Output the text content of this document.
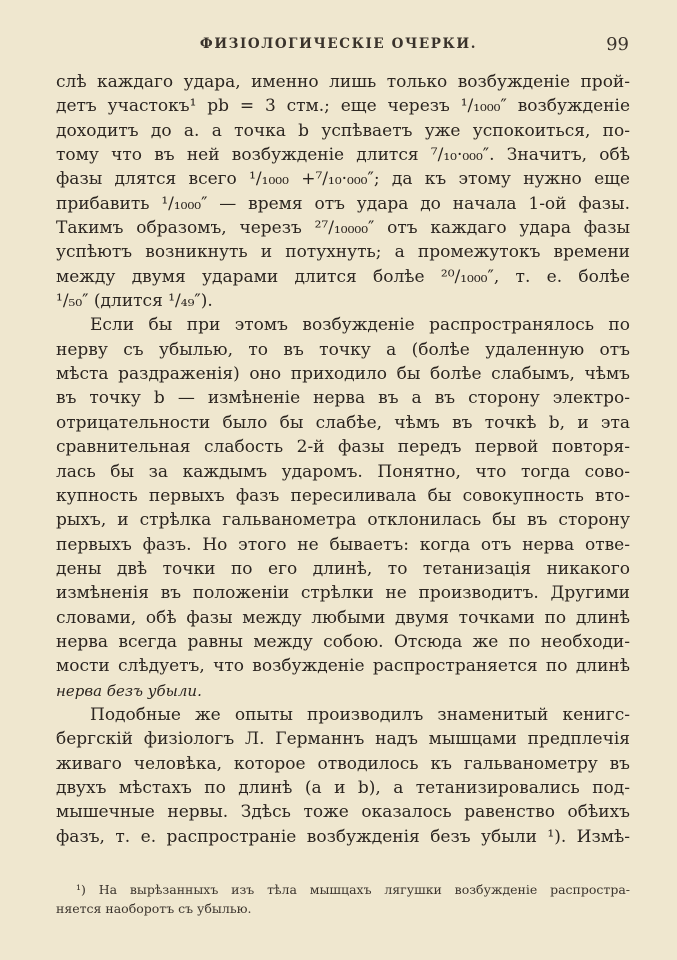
ФИЗІОЛОГИЧЕСКІЕ ОЧЕРКИ.	99
слѣ каждаго удара, именно лишь только возбужденіе прой-
детъ участокъ¹ pb = 3 стм.; еще черезъ ¹/₁₀₀₀″ возбужденіе
доходитъ до a. а точка b успѣваетъ уже успокоиться, по-
тому что въ ней возбужденіе длится ⁷/₁₀·₀₀₀″. Значитъ, обѣ
фазы длятся всего ¹/₁₀₀₀ +⁷/₁₀·₀₀₀″; да къ этому нужно еще
прибавить ¹/₁₀₀₀″ — время отъ удара до начала 1-ой фазы.
Такимъ образомъ, черезъ ²⁷/₁₀₀₀₀″ отъ каждаго удара фазы
успѣютъ возникнуть и потухнуть; а промежутокъ времени
между двумя ударами длится болѣе ²⁰/₁₀₀₀″, т. е. болѣе
¹/₅₀″ (длится ¹/₄₉″).
Если бы при этомъ возбужденіе распространялось по
нерву съ убылью, то въ точку a (болѣе удаленную отъ
мѣста раздраженія) оно приходило бы болѣе слабымъ, чѣмъ
въ точку b — измѣненіе нерва въ a въ сторону электро-
отрицательности было бы слабѣе, чѣмъ въ точкѣ b, и эта
сравнительная слабость 2-й фазы передъ первой повторя-
лась бы за каждымъ ударомъ. Понятно, что тогда сово-
купность первыхъ фазъ пересиливала бы совокупность вто-
рыхъ, и стрѣлка гальванометра отклонилась бы въ сторону
первыхъ фазъ. Но этого не бываетъ: когда отъ нерва отве-
дены двѣ точки по его длинѣ, то тетанизація никакого
измѣненія въ положеніи стрѣлки не производитъ. Другими
словами, обѣ фазы между любыми двумя точками по длинѣ
нерва всегда равны между собою. Отсюда же по необходи-
мости слѣдуетъ, что возбужденіе распространяется по длинѣ
нерва безъ убыли.
Подобные же опыты производилъ знаменитый кенигс-
бергскій физіологъ Л. Германнъ надъ мышцами предплечія
живаго человѣка, которое отводилось къ гальванометру въ
двухъ мѣстахъ по длинѣ (a и b), а тетанизировались под-
мышечные нервы. Здѣсь тоже оказалось равенство обѣихъ
фазъ, т. е. распространіе возбужденія безъ убыли ¹). Измѣ-
¹) На вырѣзанныхъ изъ тѣла мышцахъ лягушки возбужденіе распростра-
няется наоборотъ съ убылью.
